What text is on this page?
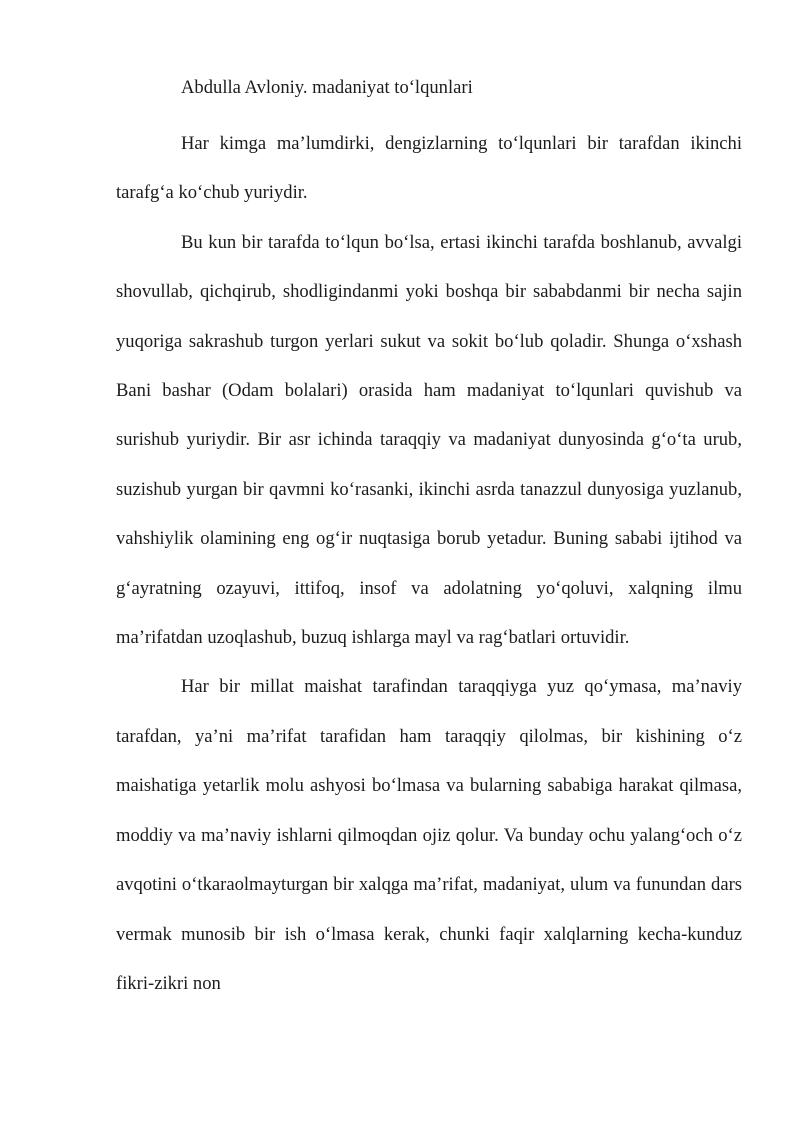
Abdulla Avloniy. madaniyat to‘lqunlari

Har kimga ma’lumdirki, dengizlarning to‘lqunlari bir tarafdan ikinchi tarafg‘a ko‘chub yuriydir.

Bu kun bir tarafda to‘lqun bo‘lsa, ertasi ikinchi tarafda boshlanub, avvalgi shovullab, qichqirub, shodligindanmi yoki boshqa bir sababdanmi bir necha sajin yuqoriga sakrashub turgon yerlari sukut va sokit bo‘lub qoladir. Shunga o‘xshash Bani bashar (Odam bolalari) orasida ham madaniyat to‘lqunlari quvishub va surishub yuriydir. Bir asr ichinda taraqqiy va madaniyat dunyosinda g‘o‘ta urub, suzishub yurgan bir qavmni ko‘rasanki, ikinchi asrda tanazzul dunyosiga yuzlanub, vahshiylik olamining eng og‘ir nuqtasiga borub yetadur. Buning sababi ijtihod va g‘ayratning ozayuvi, ittifoq, insof va adolatning yo‘qoluvi, xalqning ilmu ma’rifatdan uzoqlashub, buzuq ishlarga mayl va rag‘batlari ortuvidir.

Har bir millat maishat tarafindan taraqqiyga yuz qo‘ymasa, ma’naviy tarafdan, ya’ni ma’rifat tarafidan ham taraqqiy qilolmas, bir kishining o‘z maishatiga yetarlik molu ashyosi bo‘lmasa va bularning sababiga harakat qilmasa, moddiy va ma’naviy ishlarni qilmoqdan ojiz qolur. Va bunday ochu yalang‘och o‘z avqotini o‘tkaraolmayturgan bir xalqga ma’rifat, madaniyat, ulum va funundan dars vermak munosib bir ish o‘lmasa kerak, chunki faqir xalqlarning kecha-kunduz fikri-zikri non
